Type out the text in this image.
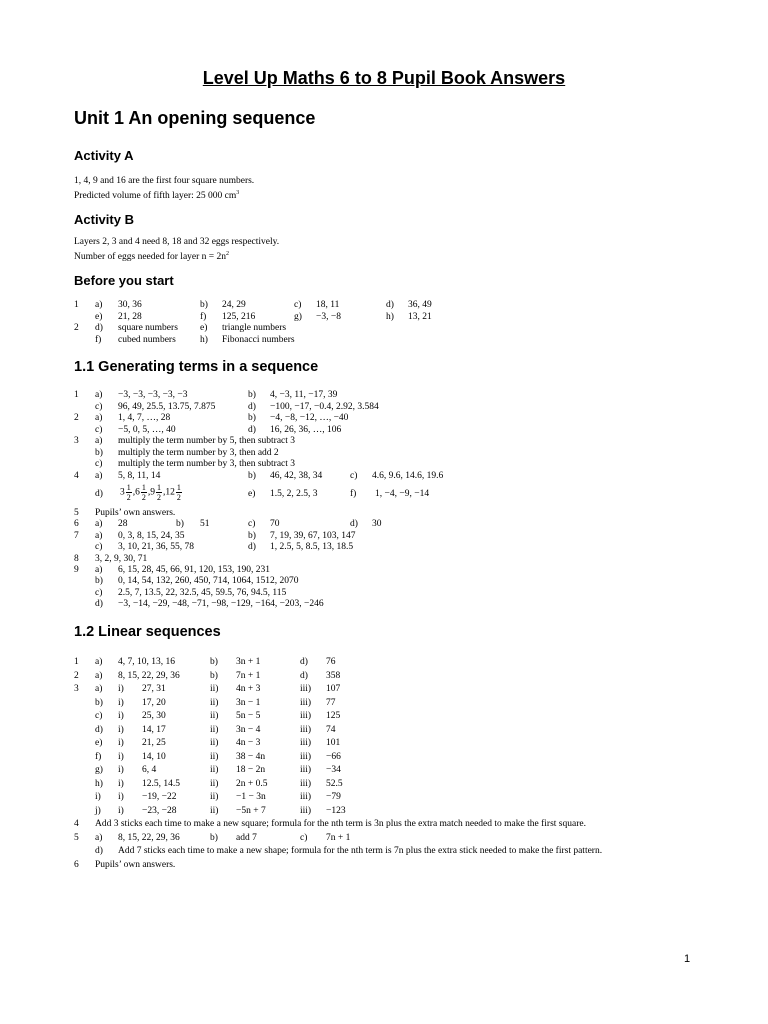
Level Up Maths 6 to 8 Pupil Book Answers
Unit 1 An opening sequence
Activity A

1, 4, 9 and 16 are the first four square numbers.
Predicted volume of fifth layer: 25 000 $cm^3$

Activity B

Layers 2, 3 and 4 need 8, 18 and 32 eggs respectively.
Number of eggs needed for layer $n = 2n^2$

Before you start
1 a) 30, 36	b) 24, 29	c) 18, 11	d) 36, 49
e) 21, 28	f) 125, 216	g) −3, −8	h) 13, 21
2 d) square numbers e) triangle numbers
f) cubed numbers	h) Fibonacci numbers
1.1 Generating terms in a sequence
1 a) −3, −3, −3, −3, −3	b) 4, −3, 11, −17, 39
c) 96, 49, 25.5, 13.75, 7.875	d) −100, −17, −0.4, 2.92, 3.584
2 a) 1, 4, 7, …, 28	b) −4, −8, −12, …, −40
c) −5, 0, 5, …, 40	d) 16, 26, 36, …, 106
3 a) multiply the term number by 5, then subtract 3
b) multiply the term number by 3, then add 2
c) multiply the term number by 3, then subtract 3
4 a) 5, 8, 11, 14	b) 46, 42, 38, 34	c) 4.6, 9.6, 14.6, 19.6
d) $3 \frac{1}{2} ,6 \frac{1}{2} ,9 \frac{1}{2} ,12 \frac{1}{2}$	e) 1.5, 2, 2.5, 3	f) 1, −4, −9, −14
5 Pupils’ own answers.
6 a) 28	b) 51	c) 70	d) 30
7 a) 0, 3, 8, 15, 24, 35	b) 7, 19, 39, 67, 103, 147
c) 3, 10, 21, 36, 55, 78	d) 1, 2.5, 5, 8.5, 13, 18.5
8 3, 2, 9, 30, 71
9 a) 6, 15, 28, 45, 66, 91, 120, 153, 190, 231
b) 0, 14, 54, 132, 260, 450, 714, 1064, 1512, 2070
c) 2.5, 7, 13.5, 22, 32.5, 45, 59.5, 76, 94.5, 115
d) −3, −14, −29, −48, −71, −98, −129, −164, −203, −246
1.2 Linear sequences
1 a) 4, 7, 10, 13, 16	b) 3n + 1	d) 76
2 a) 8, 15, 22, 29, 36	b) 7n + 1	d) 358
3 a) i) 27, 31	ii) 4n + 3	iii) 107
b) i) 17, 20	ii) 3n − 1	iii) 77
c) i) 25, 30	ii) 5n − 5	iii) 125
d) i) 14, 17	ii) 3n − 4	iii) 74
e) i) 21, 25	ii) 4n − 3	iii) 101
f) i) 14, 10	ii) 38 − 4n	iii) −66
g) i) 6, 4	ii) 18 − 2n	iii) −34
h) i) 12.5, 14.5	ii) 2n + 0.5	iii) 52.5
i) i) −19, −22	ii) −1 − 3n	iii) −79
j) i) −23, −28	ii) −5n + 7	iii) −123
4 Add 3 sticks each time to make a new square; formula for the nth term is 3n plus the extra match needed to make the first square.
5 a) 8, 15, 22, 29, 36	b) add 7	c) 7n + 1
d) Add 7 sticks each time to make a new shape; formula for the nth term is 7n plus the extra stick needed to make the first pattern.
6 Pupils’ own answers.
1
